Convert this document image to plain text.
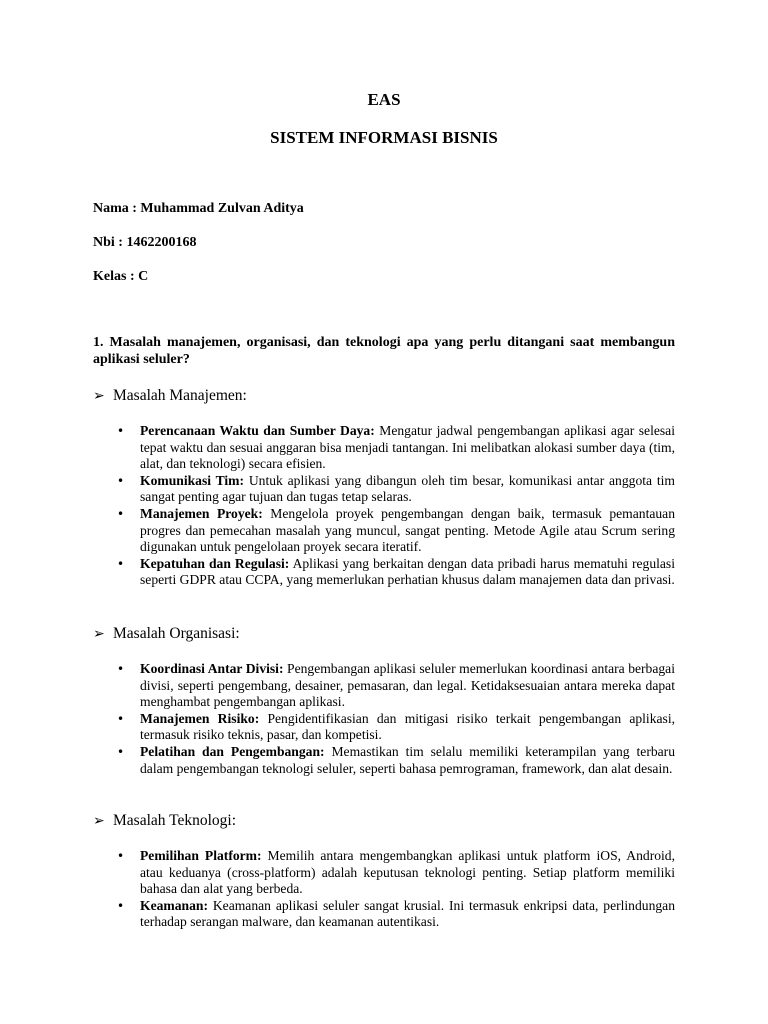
EAS
SISTEM INFORMASI BISNIS
Nama : Muhammad Zulvan Aditya
Nbi : 1462200168
Kelas : C
1. Masalah manajemen, organisasi, dan teknologi apa yang perlu ditangani saat membangun aplikasi seluler?
➢ Masalah Manajemen:
• Perencanaan Waktu dan Sumber Daya: Mengatur jadwal pengembangan aplikasi agar selesai tepat waktu dan sesuai anggaran bisa menjadi tantangan. Ini melibatkan alokasi sumber daya (tim, alat, dan teknologi) secara efisien.
• Komunikasi Tim: Untuk aplikasi yang dibangun oleh tim besar, komunikasi antar anggota tim sangat penting agar tujuan dan tugas tetap selaras.
• Manajemen Proyek: Mengelola proyek pengembangan dengan baik, termasuk pemantauan progres dan pemecahan masalah yang muncul, sangat penting. Metode Agile atau Scrum sering digunakan untuk pengelolaan proyek secara iteratif.
• Kepatuhan dan Regulasi: Aplikasi yang berkaitan dengan data pribadi harus mematuhi regulasi seperti GDPR atau CCPA, yang memerlukan perhatian khusus dalam manajemen data dan privasi.
➢ Masalah Organisasi:
• Koordinasi Antar Divisi: Pengembangan aplikasi seluler memerlukan koordinasi antara berbagai divisi, seperti pengembang, desainer, pemasaran, dan legal. Ketidaksesuaian antara mereka dapat menghambat pengembangan aplikasi.
• Manajemen Risiko: Pengidentifikasian dan mitigasi risiko terkait pengembangan aplikasi, termasuk risiko teknis, pasar, dan kompetisi.
• Pelatihan dan Pengembangan: Memastikan tim selalu memiliki keterampilan yang terbaru dalam pengembangan teknologi seluler, seperti bahasa pemrograman, framework, dan alat desain.
➢ Masalah Teknologi:
• Pemilihan Platform: Memilih antara mengembangkan aplikasi untuk platform iOS, Android, atau keduanya (cross-platform) adalah keputusan teknologi penting. Setiap platform memiliki bahasa dan alat yang berbeda.
• Keamanan: Keamanan aplikasi seluler sangat krusial. Ini termasuk enkripsi data, perlindungan terhadap serangan malware, dan keamanan autentikasi.
